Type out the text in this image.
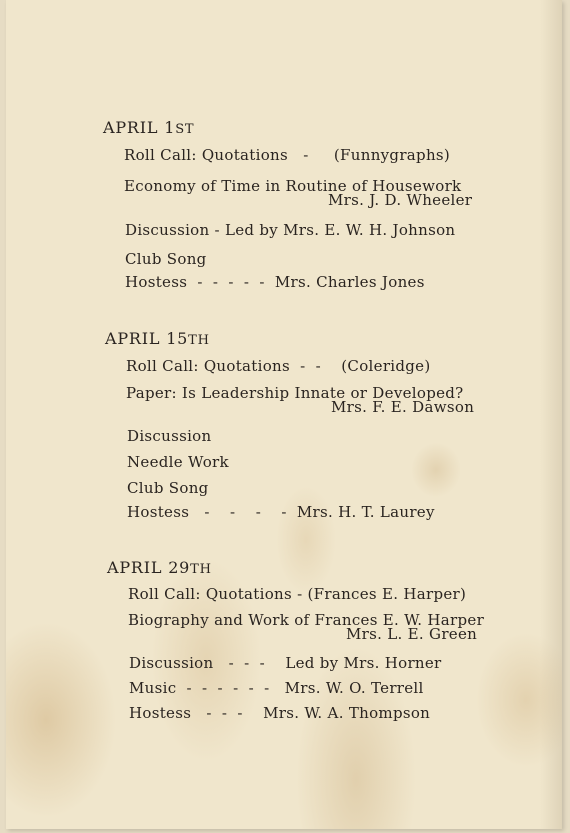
APRIL 1ST
Roll Call: Quotations   -     (Funnygraphs)
Economy of Time in Routine of Housework
Mrs. J. D. Wheeler
Discussion - Led by Mrs. E. W. H. Johnson
Club Song
Hostess  -  -  -  -  -  Mrs. Charles Jones
APRIL 15TH
Roll Call: Quotations  -  -    (Coleridge)
Paper: Is Leadership Innate or Developed?
Mrs. F. E. Dawson
Discussion
Needle Work
Club Song
Hostess   -    -    -    -  Mrs. H. T. Laurey
APRIL 29TH
Roll Call: Quotations - (Frances E. Harper)
Biography and Work of Frances E. W. Harper
Mrs. L. E. Green
Discussion   -  -  -    Led by Mrs. Horner
Music  -  -  -  -  -  -   Mrs. W. O. Terrell
Hostess   -  -  -    Mrs. W. A. Thompson
